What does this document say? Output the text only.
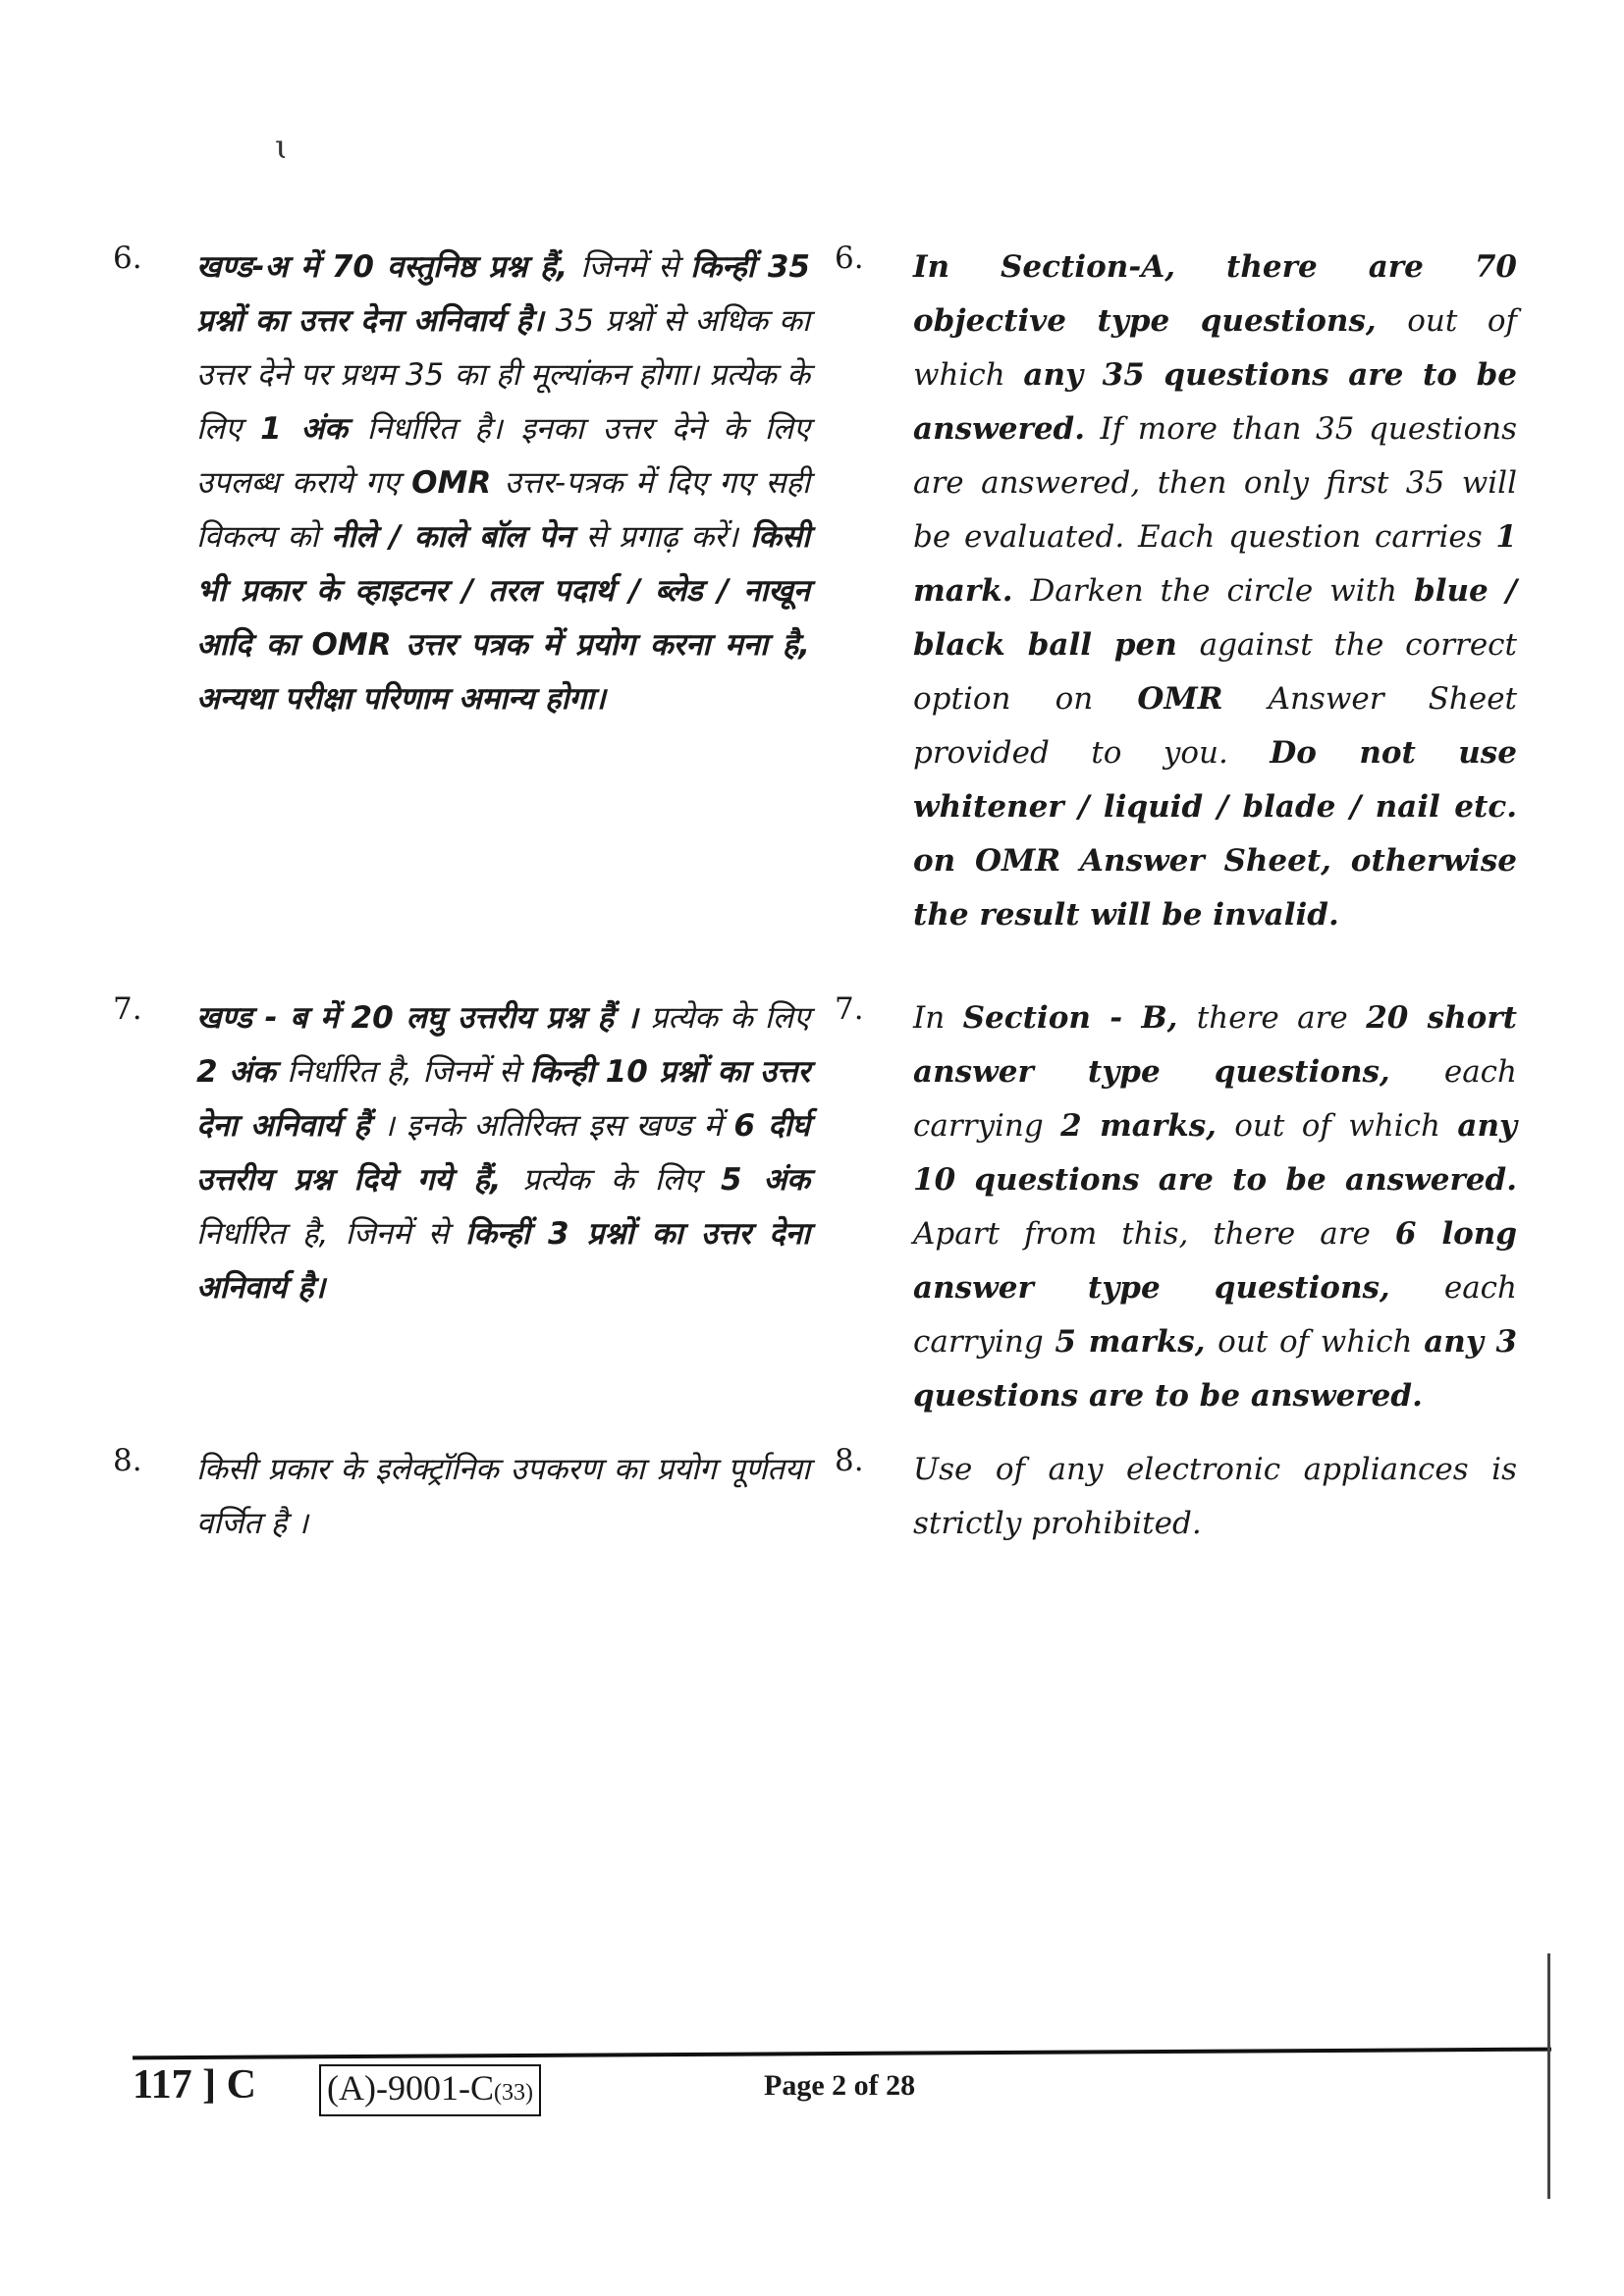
ɩ
6. खण्ड-अ में 70 वस्तुनिष्ठ प्रश्न हैं, जिनमें से किन्हीं 35 प्रश्नों का उत्तर देना अनिवार्य है। 35 प्रश्नों से अधिक का उत्तर देने पर प्रथम 35 का ही मूल्यांकन होगा। प्रत्येक के लिए 1 अंक निर्धारित है। इनका उत्तर देने के लिए उपलब्ध कराये गए OMR उत्तर-पत्रक में दिए गए सही विकल्प को नीले / काले बॉल पेन से प्रगाढ़ करें। किसी भी प्रकार के व्हाइटनर / तरल पदार्थ / ब्लेड / नाखून आदि का OMR उत्तर पत्रक में प्रयोग करना मना है, अन्यथा परीक्षा परिणाम अमान्य होगा।
6. In Section-A, there are 70 objective type questions, out of which any 35 questions are to be answered. If more than 35 questions are answered, then only first 35 will be evaluated. Each question carries 1 mark. Darken the circle with blue / black ball pen against the correct option on OMR Answer Sheet provided to you. Do not use whitener / liquid / blade / nail etc. on OMR Answer Sheet, otherwise the result will be invalid.
7. खण्ड - ब में 20 लघु उत्तरीय प्रश्न हैं । प्रत्येक के लिए 2 अंक निर्धारित है, जिनमें से किन्ही 10 प्रश्नों का उत्तर देना अनिवार्य हैं । इनके अतिरिक्त इस खण्ड में 6 दीर्घ उत्तरीय प्रश्न दिये गये हैं, प्रत्येक के लिए 5 अंक निर्धारित है, जिनमें से किन्हीं 3 प्रश्नों का उत्तर देना अनिवार्य है।
7. In Section - B, there are 20 short answer type questions, each carrying 2 marks, out of which any 10 questions are to be answered. Apart from this, there are 6 long answer type questions, each carrying 5 marks, out of which any 3 questions are to be answered.
8. किसी प्रकार के इलेक्ट्रॉनिक उपकरण का प्रयोग पूर्णतया वर्जित है ।
8. Use of any electronic appliances is strictly prohibited.
117 ] C (A)-9001-C(33)	Page 2 of 28
